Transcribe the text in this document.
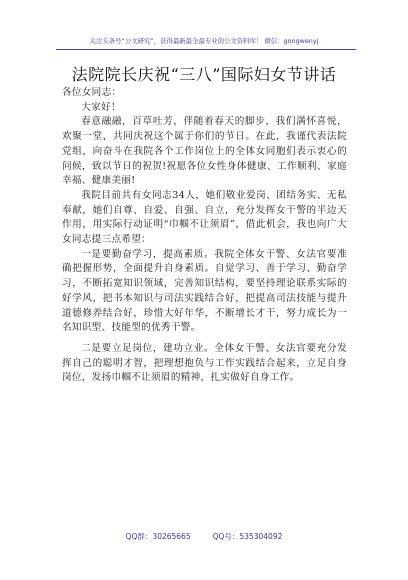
关注头条号“公文研究”，获得最新最全最专业的公文资料库！ 微信：gongwenyj
法院院长庆祝“三八”国际妇女节讲话

各位女同志：

大家好！

春意融融，百草吐芳，伴随着春天的脚步，我们满怀喜悦，欢聚一堂，共同庆祝这个属于你们的节日。在此，我谨代表法院党组，向奋斗在我院各个工作岗位上的全体女同胞们表示衷心的问候，致以节日的祝贺!祝愿各位女性身体健康、工作顺利、家庭幸福、健康美丽!

我院目前共有女同志34人，她们敬业爱岗、团结务实、无私奉献，她们自尊、自爱、自强、自立，充分发挥女干警的半边天作用，用实际行动证明“巾帼不让须眉”，借此机会，我也向广大女同志提三点希望：

一是要勤奋学习，提高素质。我院全体女干警、女法官要准确把握形势，全面提升自身素质。自觉学习、善于学习、勤奋学习，不断拓宽知识领域，完善知识结构，要坚持理论联系实际的好学风，把书本知识与司法实践结合好，把提高司法技能与提升道德修养结合好，珍惜大好年华，不断增长才干，努力成长为一名知识型、技能型的优秀干警。

二是要立足岗位，建功立业。全体女干警、女法官要充分发挥自己的聪明才智，把理想抱负与工作实践结合起来，立足自身岗位，发扬巾帼不让须眉的精神，扎实做好自身工作。

QQ群：30265665	QQ号：535304092
